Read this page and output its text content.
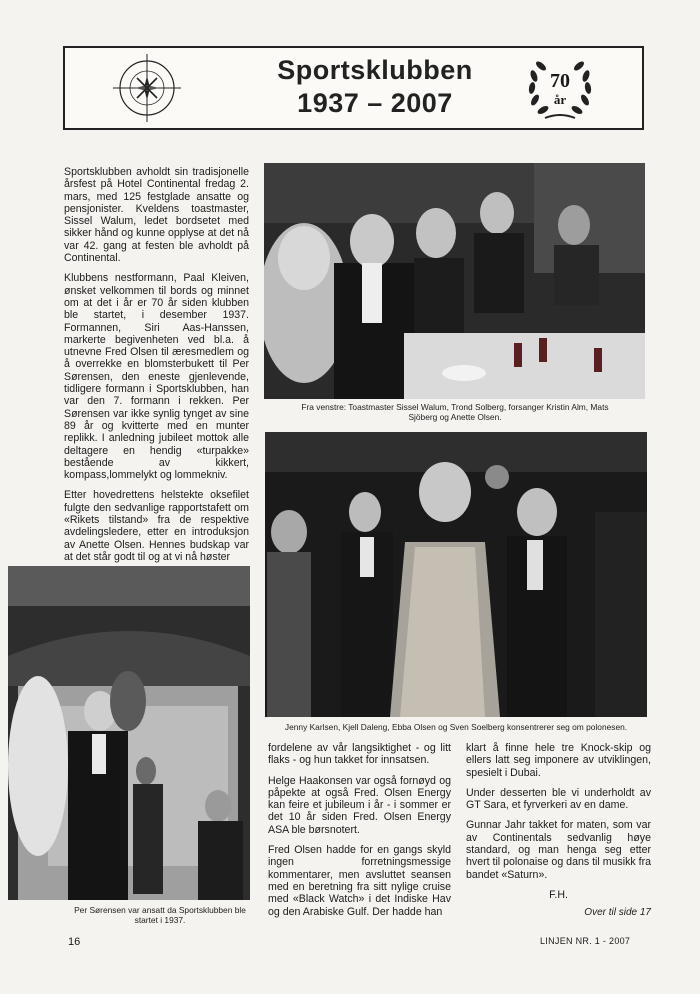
Sportsklubben
1937 – 2007
70
år

Sportsklubben avholdt sin tradisjonelle årsfest på Hotel Continental fredag 2. mars, med 125 festglade ansatte og pensjonister. Kveldens toastmaster, Sissel Walum, ledet bordsetet med sikker hånd og kunne opplyse at det nå var 42. gang at festen ble avholdt på Continental.

Klubbens nestformann, Paal Kleiven, ønsket velkommen til bords og minnet om at det i år er 70 år siden klubben ble startet, i desember 1937. Formannen, Siri Aas-Hanssen, markerte begivenheten ved bl.a. å utnevne Fred Olsen til æresmedlem og å overrekke en blomsterbukett til Per Sørensen, den eneste gjenlevende, tidligere formann i Sportsklubben, han var den 7. formann i rekken. Per Sørensen var ikke synlig tynget av sine 89 år og kvitterte med en munter replikk. I anledning jubileet mottok alle deltagere en hendig «turpakke» bestående av kikkert, kompass,lommelykt og lommekniv.

Etter hovedrettens helstekte oksefilet fulgte den sedvanlige rapportstafett om «Rikets tilstand» fra de respektive avdelingsledere, etter en introduksjon av Anette Olsen. Hennes budskap var at det står godt til og at vi nå høster

Fra venstre: Toastmaster Sissel Walum, Trond Solberg, forsanger Kristin Alm, Mats Sjöberg og Anette Olsen.
Jenny Karlsen, Kjell Daleng, Ebba Olsen og Sven Soelberg konsentrerer seg om polonesen.
Per Sørensen var ansatt da Sportsklubben ble startet i 1937.

fordelene av vår langsiktighet - og litt flaks - og hun takket for innsatsen.

Helge Haakonsen var også fornøyd og påpekte at også Fred. Olsen Energy kan feire et jubileum i år - i sommer er det 10 år siden Fred. Olsen Energy ASA ble børsnotert.

Fred Olsen hadde for en gangs skyld ingen forretningsmessige kommentarer, men avsluttet seansen med en beretning fra sitt nylige cruise med «Black Watch» i det Indiske Hav og den Arabiske Gulf. Der hadde han

klart å finne hele tre Knock-skip og ellers latt seg imponere av utviklingen, spesielt i Dubai.

Under desserten ble vi underholdt av GT Sara, et fyrverkeri av en dame.

Gunnar Jahr takket for maten, som var av Continentals sedvanlig høye standard, og man henga seg etter hvert til polonaise og dans til musikk fra bandet «Saturn».

F.H.
Over til side 17
16	LINJEN NR. 1 - 2007
